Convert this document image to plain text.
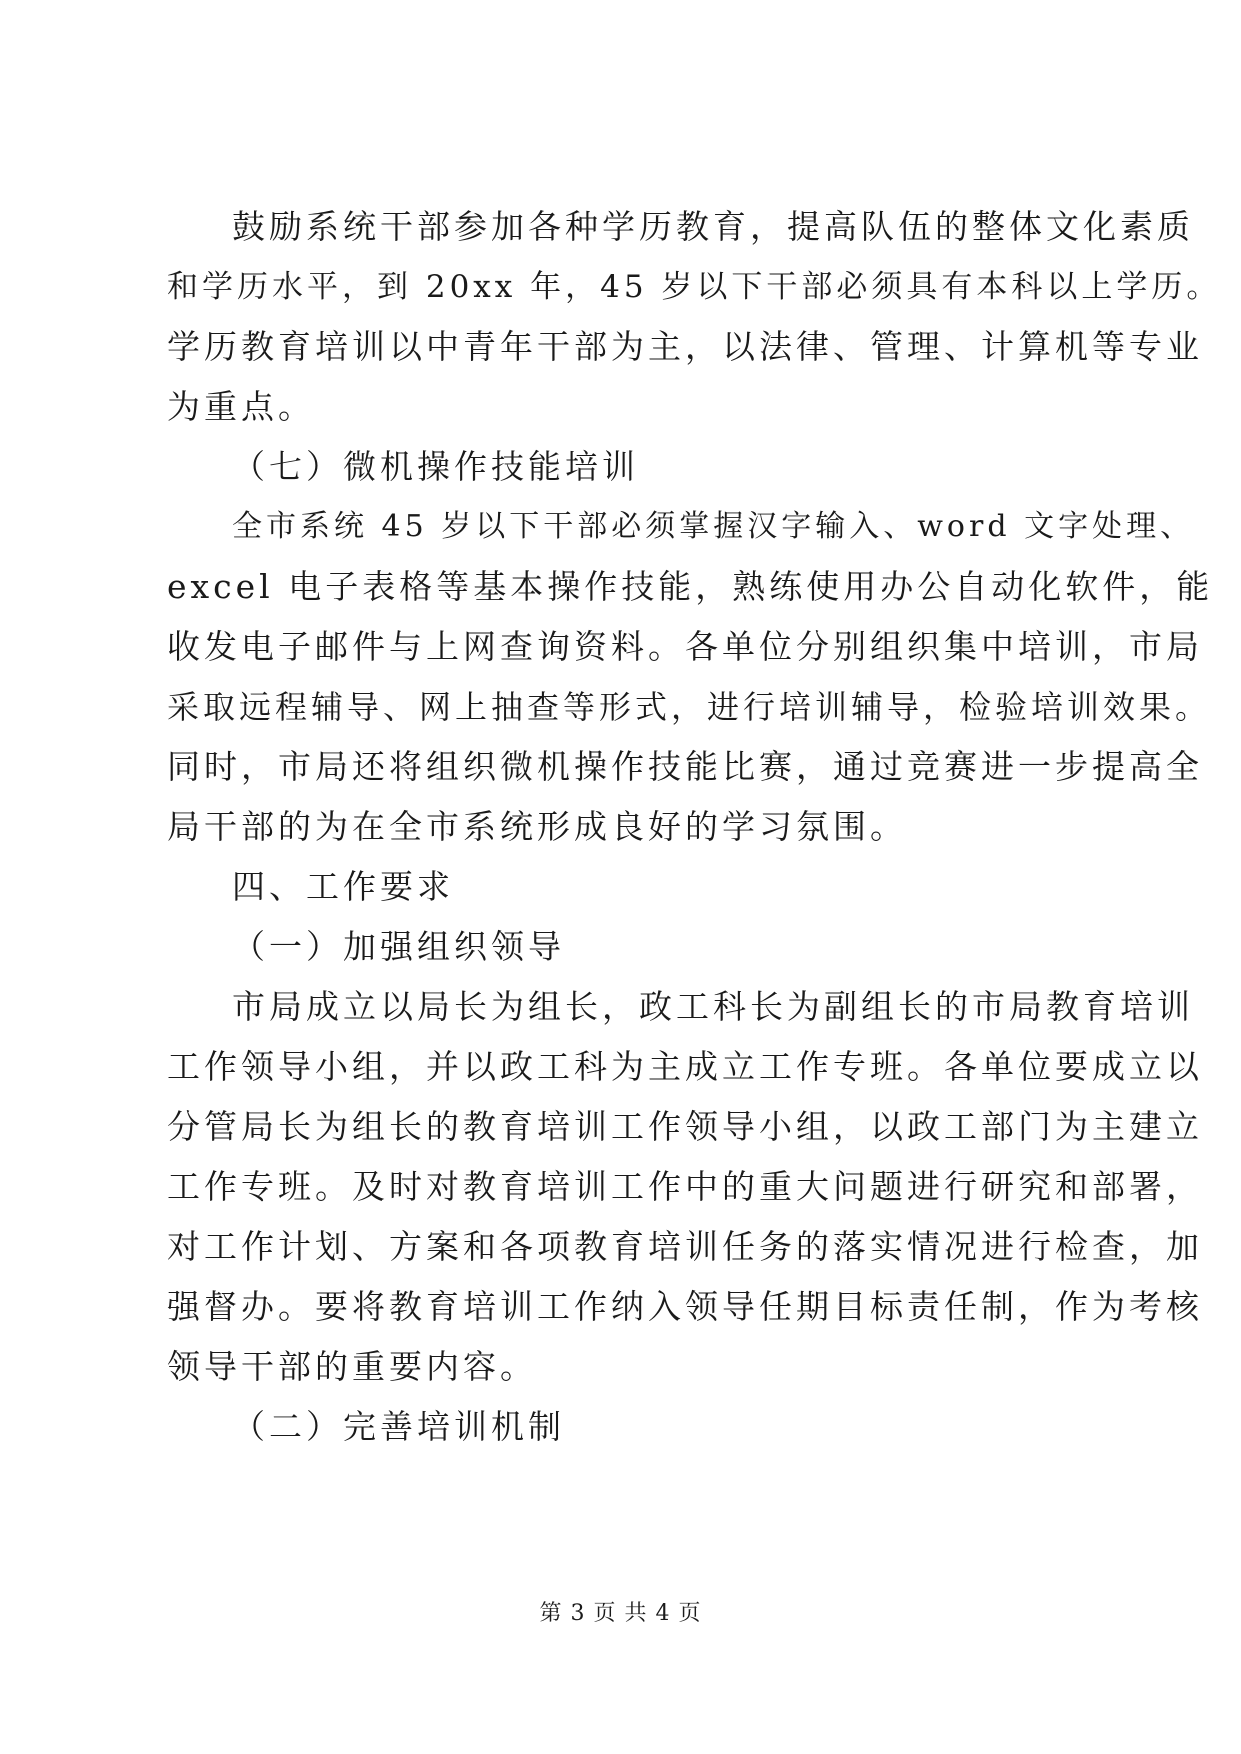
鼓励系统干部参加各种学历教育，提高队伍的整体文化素质
和学历水平，到 20xx 年，45 岁以下干部必须具有本科以上学历。
学历教育培训以中青年干部为主，以法律、管理、计算机等专业
为重点。
（七）微机操作技能培训
全市系统 45 岁以下干部必须掌握汉字输入、word 文字处理、
excel 电子表格等基本操作技能，熟练使用办公自动化软件，能
收发电子邮件与上网查询资料。各单位分别组织集中培训，市局
采取远程辅导、网上抽查等形式，进行培训辅导，检验培训效果。
同时，市局还将组织微机操作技能比赛，通过竞赛进一步提高全
局干部的为在全市系统形成良好的学习氛围。
四、工作要求
（一）加强组织领导
市局成立以局长为组长，政工科长为副组长的市局教育培训
工作领导小组，并以政工科为主成立工作专班。各单位要成立以
分管局长为组长的教育培训工作领导小组，以政工部门为主建立
工作专班。及时对教育培训工作中的重大问题进行研究和部署，
对工作计划、方案和各项教育培训任务的落实情况进行检查，加
强督办。要将教育培训工作纳入领导任期目标责任制，作为考核
领导干部的重要内容。
（二）完善培训机制
第 3 页 共 4 页
